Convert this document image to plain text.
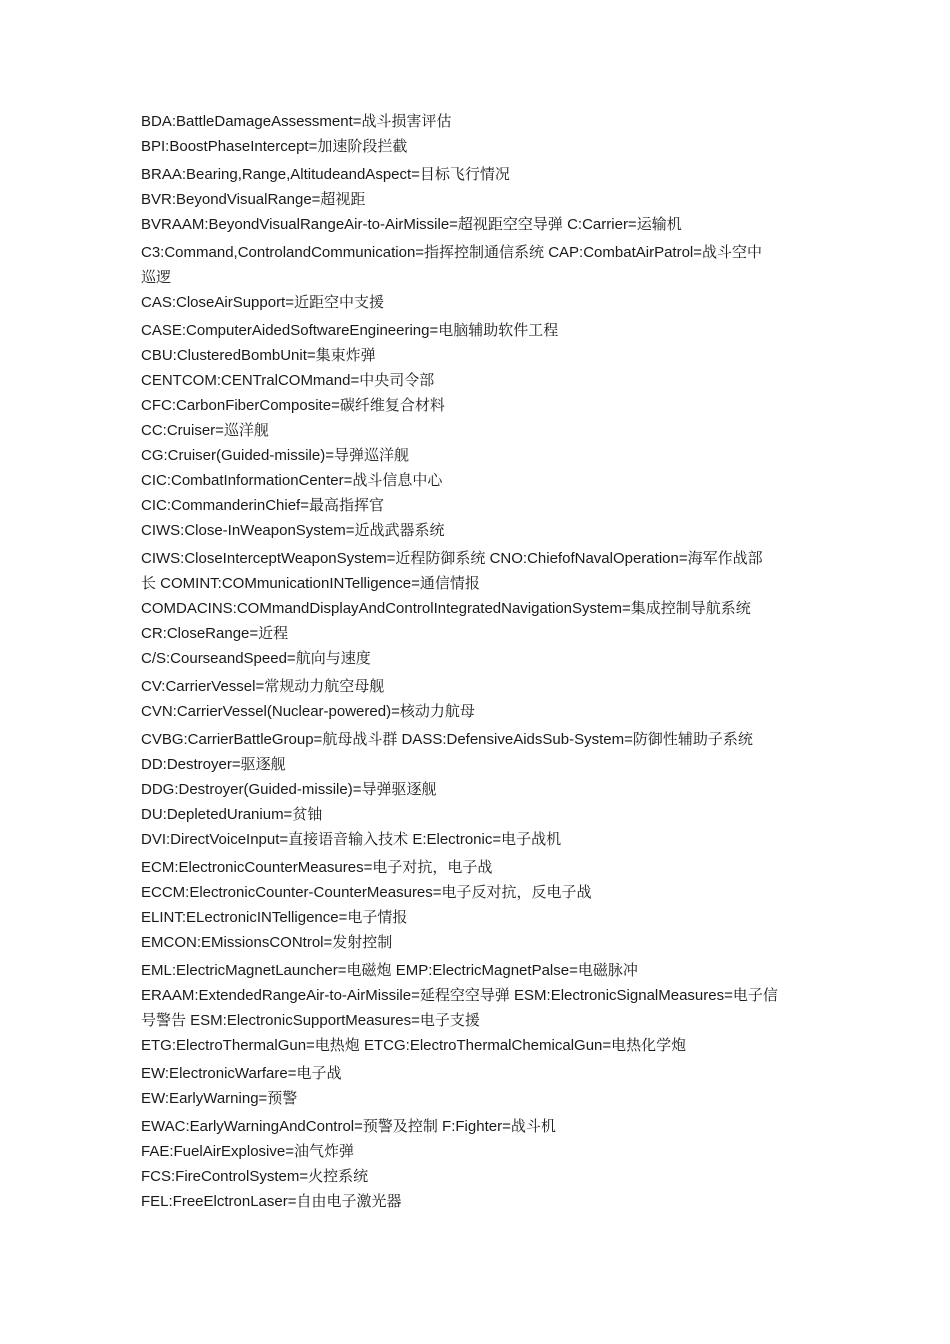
BDA:BattleDamageAssessment=战斗损害评估
BPI:BoostPhaseIntercept=加速阶段拦截
BRAA:Bearing,Range,AltitudeandAspect=目标飞行情况
BVR:BeyondVisualRange=超视距
BVRAAM:BeyondVisualRangeAir-to-AirMissile=超视距空空导弹 C:Carrier=运输机
C3:Command,ControlandCommunication=指挥控制通信系统 CAP:CombatAirPatrol=战斗空中
巡逻
CAS:CloseAirSupport=近距空中支援
CASE:ComputerAidedSoftwareEngineering=电脑辅助软件工程
CBU:ClusteredBombUnit=集束炸弹
CENTCOM:CENTralCOMmand=中央司令部
CFC:CarbonFiberComposite=碳纤维复合材料
CC:Cruiser=巡洋舰
CG:Cruiser(Guided-missile)=导弹巡洋舰
CIC:CombatInformationCenter=战斗信息中心
CIC:CommanderinChief=最高指挥官
CIWS:Close-InWeaponSystem=近战武器系统
CIWS:CloseInterceptWeaponSystem=近程防御系统 CNO:ChiefofNavalOperation=海军作战部
长 COMINT:COMmunicationINTelligence=通信情报
COMDACINS:COMmandDisplayAndControlIntegratedNavigationSystem=集成控制导航系统
CR:CloseRange=近程
C/S:CourseandSpeed=航向与速度
CV:CarrierVessel=常规动力航空母舰
CVN:CarrierVessel(Nuclear-powered)=核动力航母
CVBG:CarrierBattleGroup=航母战斗群 DASS:DefensiveAidsSub-System=防御性辅助子系统
DD:Destroyer=驱逐舰
DDG:Destroyer(Guided-missile)=导弹驱逐舰
DU:DepletedUranium=贫铀
DVI:DirectVoiceInput=直接语音输入技术 E:Electronic=电子战机
ECM:ElectronicCounterMeasures=电子对抗，电子战
ECCM:ElectronicCounter-CounterMeasures=电子反对抗，反电子战
ELINT:ELectronicINTelligence=电子情报
EMCON:EMissionsCONtrol=发射控制
EML:ElectricMagnetLauncher=电磁炮 EMP:ElectricMagnetPalse=电磁脉冲
ERAAM:ExtendedRangeAir-to-AirMissile=延程空空导弹 ESM:ElectronicSignalMeasures=电子信
号警告 ESM:ElectronicSupportMeasures=电子支援
ETG:ElectroThermalGun=电热炮 ETCG:ElectroThermalChemicalGun=电热化学炮
EW:ElectronicWarfare=电子战
EW:EarlyWarning=预警
EWAC:EarlyWarningAndControl=预警及控制 F:Fighter=战斗机
FAE:FuelAirExplosive=油气炸弹
FCS:FireControlSystem=火控系统
FEL:FreeElctronLaser=自由电子激光器
